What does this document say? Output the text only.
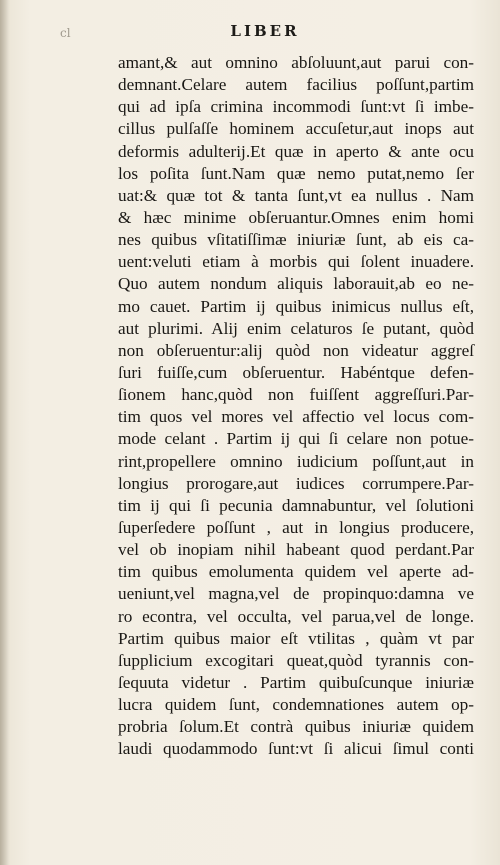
cl	LIBER
amant,& aut omnino abſoluunt,aut parui con-
demnant.Celare autem facilius poſſunt,partim
qui ad ipſa crimina incommodi ſunt:vt ſi imbe-
cillus pulſaſſe hominem accuſetur,aut inops aut
deformis adulterij.Et quæ in aperto & ante ocu
los poſita ſunt.Nam quæ nemo putat,nemo ſer
uat:& quæ tot & tanta ſunt,vt ea nullus . Nam
& hæc minime obſeruantur.Omnes enim homi
nes quibus vſitatiſſimæ iniuriæ ſunt, ab eis ca-
uent:veluti etiam à morbis qui ſolent inuadere.
Quo autem nondum aliquis laborauit,ab eo ne-
mo cauet. Partim ij quibus inimicus nullus eſt,
aut plurimi. Alij enim celaturos ſe putant, quòd
non obſeruentur:alij quòd non videatur aggreſ
ſuri fuiſſe,cum obſeruentur. Habéntque defen-
ſionem hanc,quòd non fuiſſent aggreſſuri.Par-
tim quos vel mores vel affectio vel locus com-
mode celant . Partim ij qui ſi celare non potue-
rint,propellere omnino iudicium poſſunt,aut in
longius prorogare,aut iudices corrumpere.Par-
tim ij qui ſi pecunia damnabuntur, vel ſolutioni
ſuperſedere poſſunt , aut in longius producere,
vel ob inopiam nihil habeant quod perdant.Par
tim quibus emolumenta quidem vel aperte ad-
ueniunt,vel magna,vel de propinquo:damna ve
ro econtra, vel occulta, vel parua,vel de longe.
Partim quibus maior eſt vtilitas , quàm vt par
ſupplicium excogitari queat,quòd tyrannis con-
ſequuta videtur . Partim quibuſcunque iniuriæ
lucra quidem ſunt, condemnationes autem op-
probria ſolum.Et contrà quibus iniuriæ quidem
laudi quodammodo ſunt:vt ſi alicui ſimul conti
